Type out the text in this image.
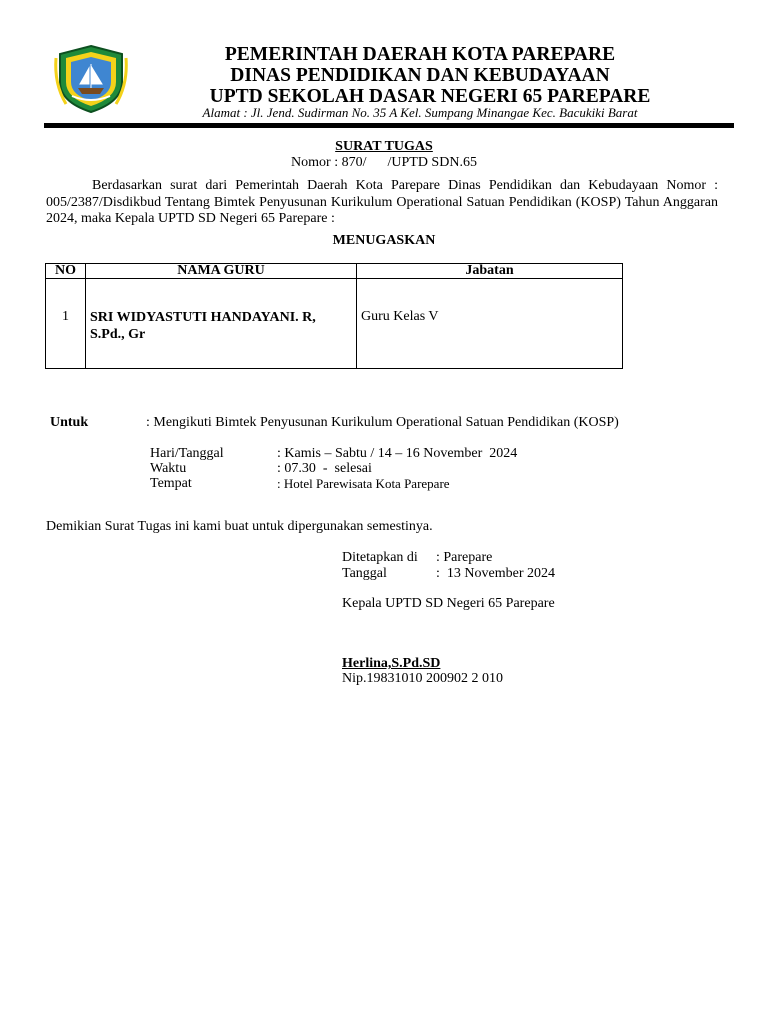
PEMERINTAH DAERAH KOTA PAREPARE
DINAS PENDIDIKAN DAN KEBUDAYAAN
UPTD SEKOLAH DASAR NEGERI 65 PAREPARE
Alamat : Jl. Jend. Sudirman No. 35 A Kel. Sumpang Minangae Kec. Bacukiki Barat
SURAT TUGAS
Nomor : 870/      /UPTD SDN.65
Berdasarkan surat dari Pemerintah Daerah Kota Parepare Dinas Pendidikan dan Kebudayaan Nomor : 005/2387/Disdikbud Tentang Bimtek Penyusunan Kurikulum Operational Satuan Pendidikan (KOSP) Tahun Anggaran 2024, maka Kepala UPTD SD Negeri 65 Parepare :
MENUGASKAN
NO	NAMA GURU	Jabatan
1	SRI WIDYASTUTI HANDAYANI. R, S.Pd., Gr	Guru Kelas V
Untuk	: Mengikuti Bimtek Penyusunan Kurikulum Operational Satuan Pendidikan (KOSP)
Hari/Tanggal	: Kamis – Sabtu / 14 – 16 November  2024
Waktu	: 07.30  -  selesai
Tempat	: Hotel Parewisata Kota Parepare
Demikian Surat Tugas ini kami buat untuk dipergunakan semestinya.
Ditetapkan di : Parepare
Tanggal	:  13 November 2024
Kepala UPTD SD Negeri 65 Parepare
Herlina,S.Pd.SD
Nip.19831010 200902 2 010
